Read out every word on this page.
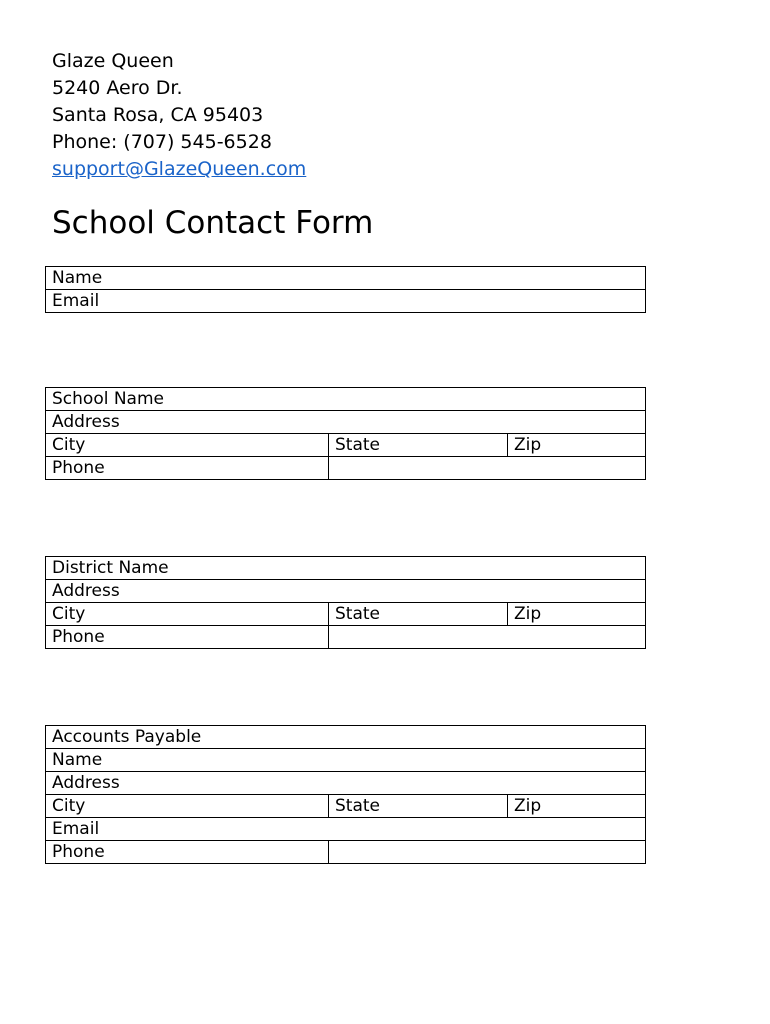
Glaze Queen
5240 Aero Dr.
Santa Rosa, CA 95403
Phone: (707) 545-6528
support@GlazeQueen.com
School Contact Form
Name
Email
School Name		
Address		
City	State	Zip
Phone		
District Name		
Address		
City	State	Zip
Phone		
Accounts Payable		
Name		
Address		
City	State	Zip
Email		
Phone		
